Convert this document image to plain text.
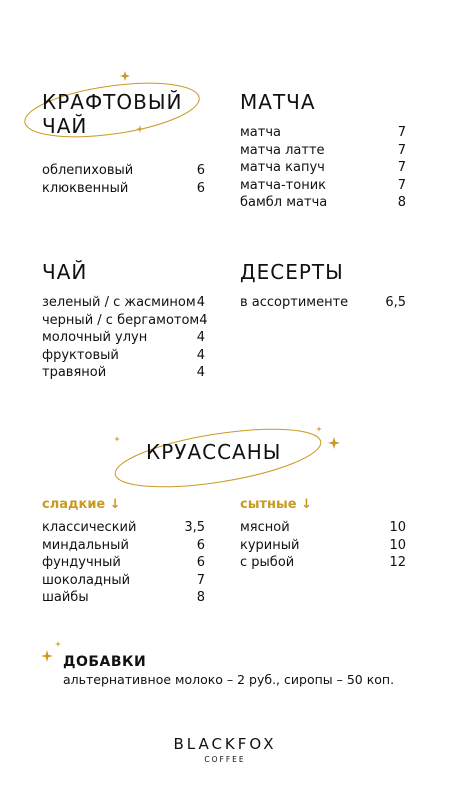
КРАФТОВЫЙ ЧАЙ
облепиховый	6
клюквенный	6
МАТЧА
матча	7
матча латте	7
матча капуч	7
матча-тоник	7
бамбл матча	8
ЧАЙ
зеленый / с жасмином 4
черный / с бергамотом 4
молочный улун	4
фруктовый	4
травяной	4
ДЕСЕРТЫ
в ассортименте	6,5
КРУАССАНЫ

сладкие ↓

классический	3,5
миндальный	6
фундучный	6
шоколадный	7
шайбы	8

сытные ↓

мясной	10
куриный	10
с рыбой	12
ДОБАВКИ

альтернативное молоко – 2 руб., сиропы – 50 коп.

BLACKFOX

COFFEE
